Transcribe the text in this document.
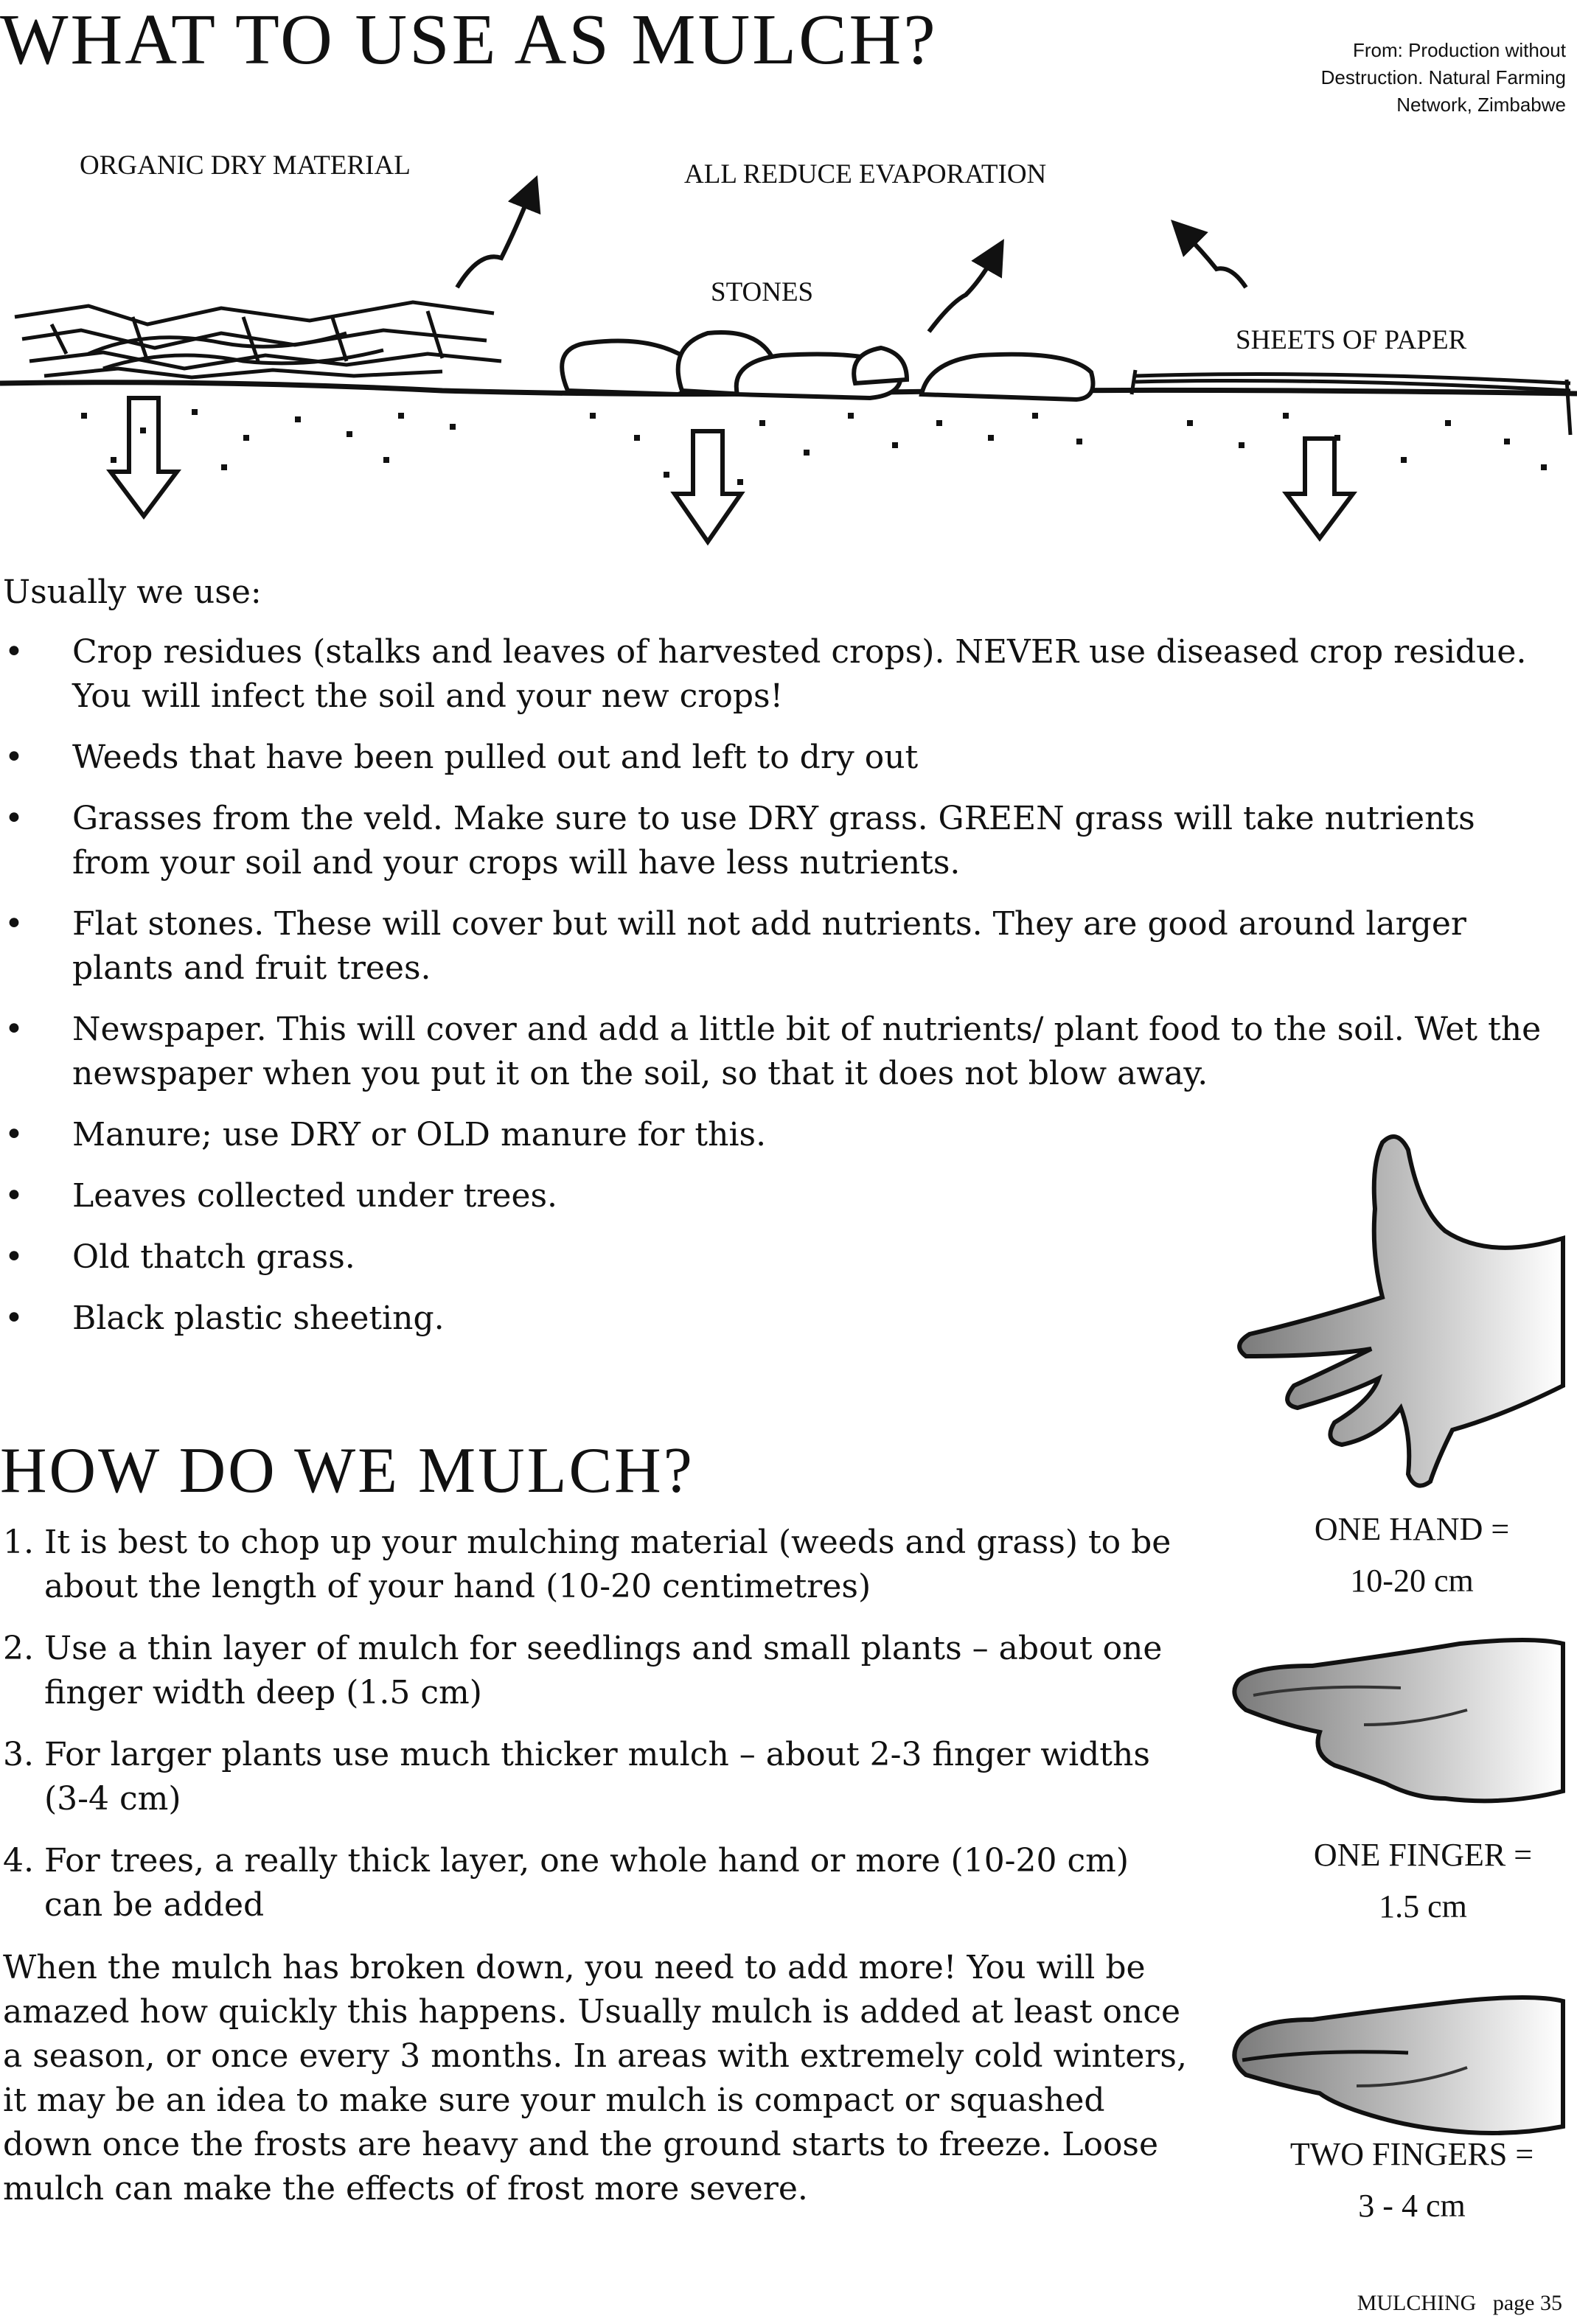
WHAT TO USE AS MULCH?	From: Production without
Destruction. Natural Farming
Network, Zimbabwe
ORGANIC DRY MATERIAL	ALL REDUCE EVAPORATION
STONES
SHEETS OF PAPER
Usually we use:
• Crop residues (stalks and leaves of harvested crops). NEVER use diseased crop residue. You will infect the soil and your new crops!
• Weeds that have been pulled out and left to dry out
• Grasses from the veld. Make sure to use DRY grass. GREEN grass will take nutrients from your soil and your crops will have less nutrients.
• Flat stones. These will cover but will not add nutrients. They are good around larger plants and fruit trees.
• Newspaper. This will cover and add a little bit of nutrients/ plant food to the soil. Wet the newspaper when you put it on the soil, so that it does not blow away.
• Manure; use DRY or OLD manure for this.
• Leaves collected under trees.
• Old thatch grass.
• Black plastic sheeting.
HOW DO WE MULCH?
1. It is best to chop up your mulching material (weeds and grass) to be about the length of your hand (10-20 centimetres)
2. Use a thin layer of mulch for seedlings and small plants – about one finger width deep (1.5 cm)
3. For larger plants use much thicker mulch – about 2-3 finger widths (3-4 cm)
4. For trees, a really thick layer, one whole hand or more (10-20 cm) can be added

When the mulch has broken down, you need to add more! You will be amazed how quickly this happens. Usually mulch is added at least once a season, or once every 3 months. In areas with extremely cold winters, it may be an idea to make sure your mulch is compact or squashed down once the frosts are heavy and the ground starts to freeze. Loose mulch can make the effects of frost more severe.

ONE HAND =
10-20 cm
ONE FINGER =
1.5 cm
TWO FINGERS =
3 - 4 cm
MULCHING page 35
